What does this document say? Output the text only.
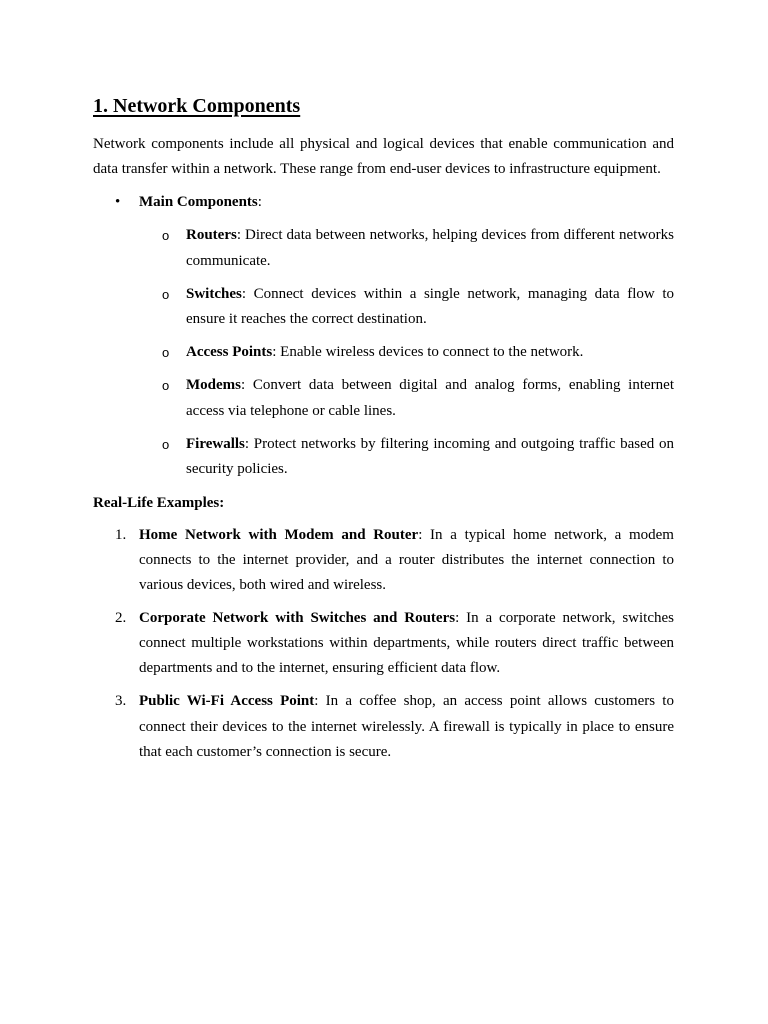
1. Network Components

Network components include all physical and logical devices that enable communication and data transfer within a network. These range from end-user devices to infrastructure equipment.

• Main Components:
o Routers: Direct data between networks, helping devices from different networks communicate.
o Switches: Connect devices within a single network, managing data flow to ensure it reaches the correct destination.
o Access Points: Enable wireless devices to connect to the network.
o Modems: Convert data between digital and analog forms, enabling internet access via telephone or cable lines.
o Firewalls: Protect networks by filtering incoming and outgoing traffic based on security policies.
Real-Life Examples:
1. Home Network with Modem and Router: In a typical home network, a modem connects to the internet provider, and a router distributes the internet connection to various devices, both wired and wireless.
2. Corporate Network with Switches and Routers: In a corporate network, switches connect multiple workstations within departments, while routers direct traffic between departments and to the internet, ensuring efficient data flow.
3. Public Wi-Fi Access Point: In a coffee shop, an access point allows customers to connect their devices to the internet wirelessly. A firewall is typically in place to ensure that each customer’s connection is secure.
